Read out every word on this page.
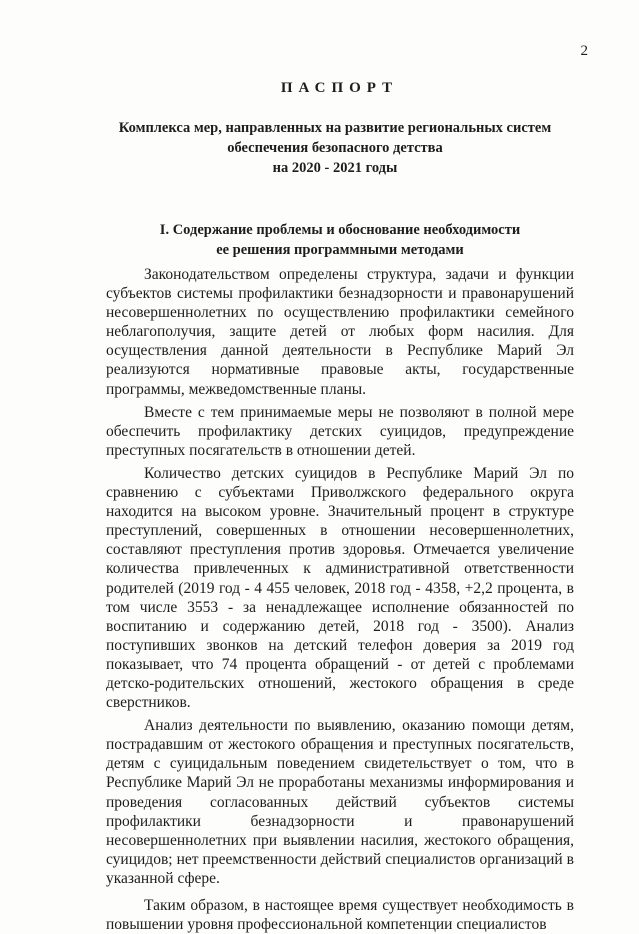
2
ПАСПОРТ
Комплекса мер, направленных на развитие региональных систем
обеспечения безопасного детства
на 2020 - 2021 годы
I. Содержание проблемы и обоснование необходимости
ее решения программными методами

Законодательством определены структура, задачи и функции субъектов системы профилактики безнадзорности и правонарушений несовершеннолетних по осуществлению профилактики семейного неблагополучия, защите детей от любых форм насилия. Для осуществления данной деятельности в Республике Марий Эл реализуются нормативные правовые акты, государственные программы, межведомственные планы.

Вместе с тем принимаемые меры не позволяют в полной мере обеспечить профилактику детских суицидов, предупреждение преступных посягательств в отношении детей.

Количество детских суицидов в Республике Марий Эл по сравнению с субъектами Приволжского федерального округа находится на высоком уровне. Значительный процент в структуре преступлений, совершенных в отношении несовершеннолетних, составляют преступления против здоровья. Отмечается увеличение количества привлеченных к административной ответственности родителей (2019 год - 4 455 человек, 2018 год - 4358, +2,2 процента, в том числе 3553 - за ненадлежащее исполнение обязанностей по воспитанию и содержанию детей, 2018 год - 3500). Анализ поступивших звонков на детский телефон доверия за 2019 год показывает, что 74 процента обращений - от детей с проблемами детско-родительских отношений, жестокого обращения в среде сверстников.

Анализ деятельности по выявлению, оказанию помощи детям, пострадавшим от жестокого обращения и преступных посягательств, детям с суицидальным поведением свидетельствует о том, что в Республике Марий Эл не проработаны механизмы информирования и проведения согласованных действий субъектов системы профилактики безнадзорности и правонарушений несовершеннолетних при выявлении насилия, жестокого обращения, суицидов; нет преемственности действий специалистов организаций в указанной сфере.

Таким образом, в настоящее время существует необходимость в повышении уровня профессиональной компетенции специалистов
